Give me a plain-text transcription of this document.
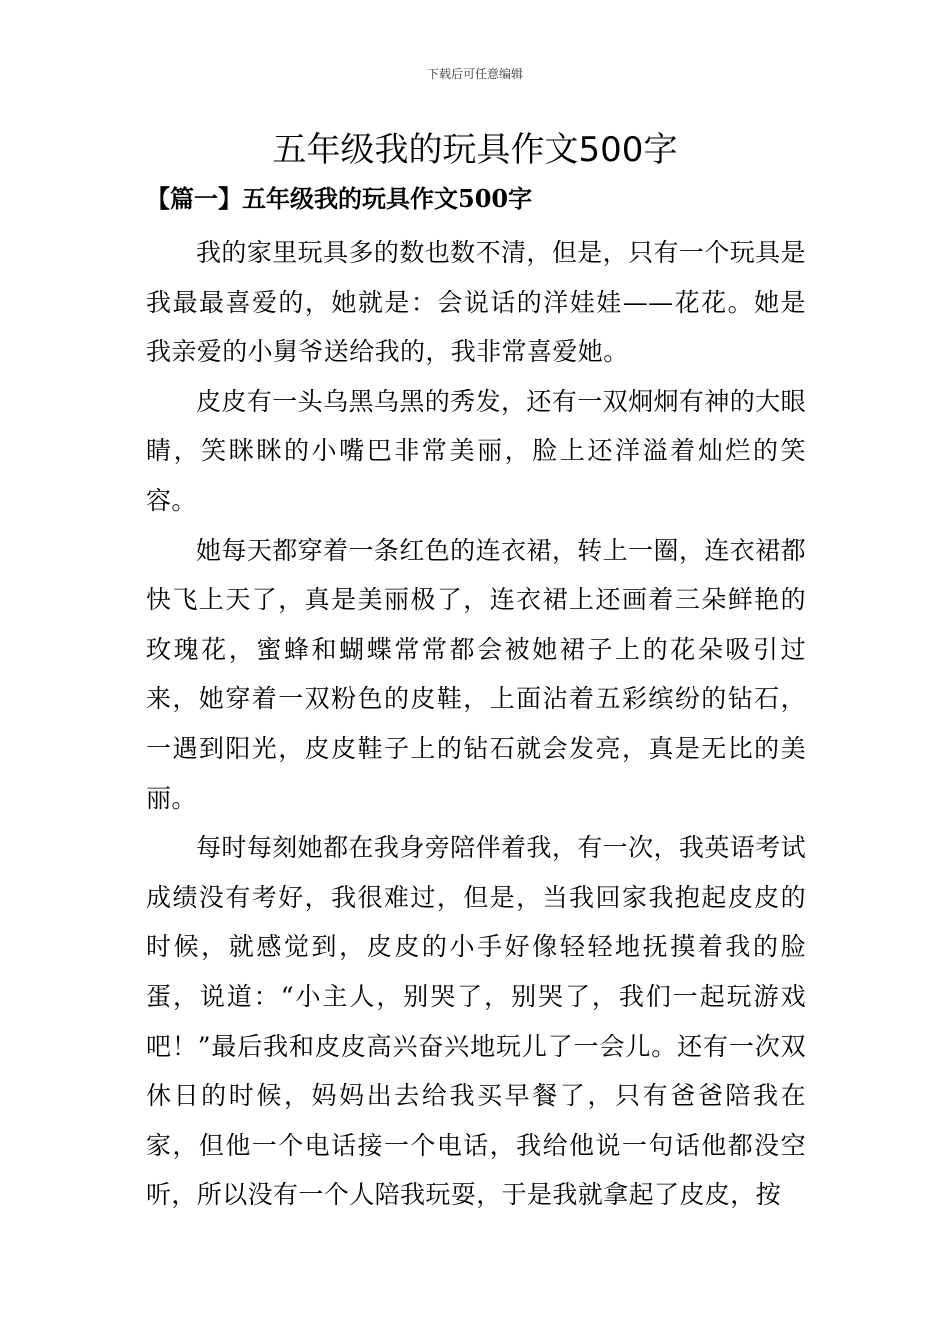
下载后可任意编辑
五年级我的玩具作文500字
【篇一】五年级我的玩具作文500字

我的家里玩具多的数也数不清，但是，只有一个玩具是我最最喜爱的，她就是：会说话的洋娃娃——花花。她是我亲爱的小舅爷送给我的，我非常喜爱她。

皮皮有一头乌黑乌黑的秀发，还有一双炯炯有神的大眼睛，笑眯眯的小嘴巴非常美丽，脸上还洋溢着灿烂的笑容。

她每天都穿着一条红色的连衣裙，转上一圈，连衣裙都快飞上天了，真是美丽极了，连衣裙上还画着三朵鲜艳的玫瑰花，蜜蜂和蝴蝶常常都会被她裙子上的花朵吸引过来，她穿着一双粉色的皮鞋，上面沾着五彩缤纷的钻石，一遇到阳光，皮皮鞋子上的钻石就会发亮，真是无比的美丽。

每时每刻她都在我身旁陪伴着我，有一次，我英语考试成绩没有考好，我很难过，但是，当我回家我抱起皮皮的时候，就感觉到，皮皮的小手好像轻轻地抚摸着我的脸蛋，说道：“小主人，别哭了，别哭了，我们一起玩游戏吧！”最后我和皮皮高兴奋兴地玩儿了一会儿。还有一次双休日的时候，妈妈出去给我买早餐了，只有爸爸陪我在家，但他一个电话接一个电话，我给他说一句话他都没空听，所以没有一个人陪我玩耍，于是我就拿起了皮皮，按
